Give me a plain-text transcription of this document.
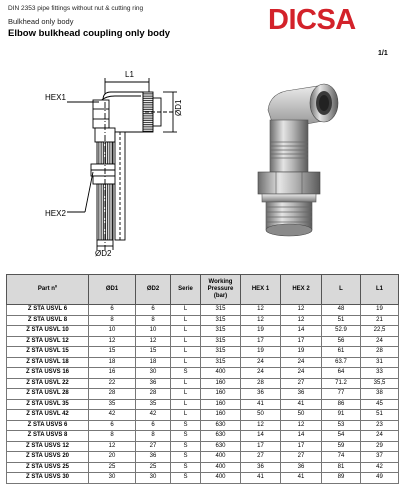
DIN 2353 pipe fittings without nut & cutting ring
Bulkhead only body
Elbow bulkhead coupling only body	DICSA
1/1
L1
HEX1
ØD1
HEX2
ØD2
Part nº	ØD1	ØD2	Serie	Working Pressure (bar)	HEX 1	HEX 2	L	L1
Z STA USVL 6	6	6	L	315	12	12	48	19
Z STA USVL 8	8	8	L	315	12	12	51	21
Z STA USVL 10	10	10	L	315	19	14	52.9	22,5
Z STA USVL 12	12	12	L	315	17	17	56	24
Z STA USVL 15	15	15	L	315	19	19	61	28
Z STA USVL 18	18	18	L	315	24	24	63.7	31
Z STA USVS 16	16	30	S	400	24	24	64	33
Z STA USVL 22	22	36	L	160	28	27	71.2	35,5
Z STA USVL 28	28	28	L	160	36	36	77	38
Z STA USVL 35	35	35	L	160	41	41	86	45
Z STA USVL 42	42	42	L	160	50	50	91	51
Z STA USVS 6	6	6	S	630	12	12	53	23
Z STA USVS 8	8	8	S	630	14	14	54	24
Z STA USVS 12	12	27	S	630	17	17	59	29
Z STA USVS 20	20	36	S	400	27	27	74	37
Z STA USVS 25	25	25	S	400	36	36	81	42
Z STA USVS 30	30	30	S	400	41	41	89	49
